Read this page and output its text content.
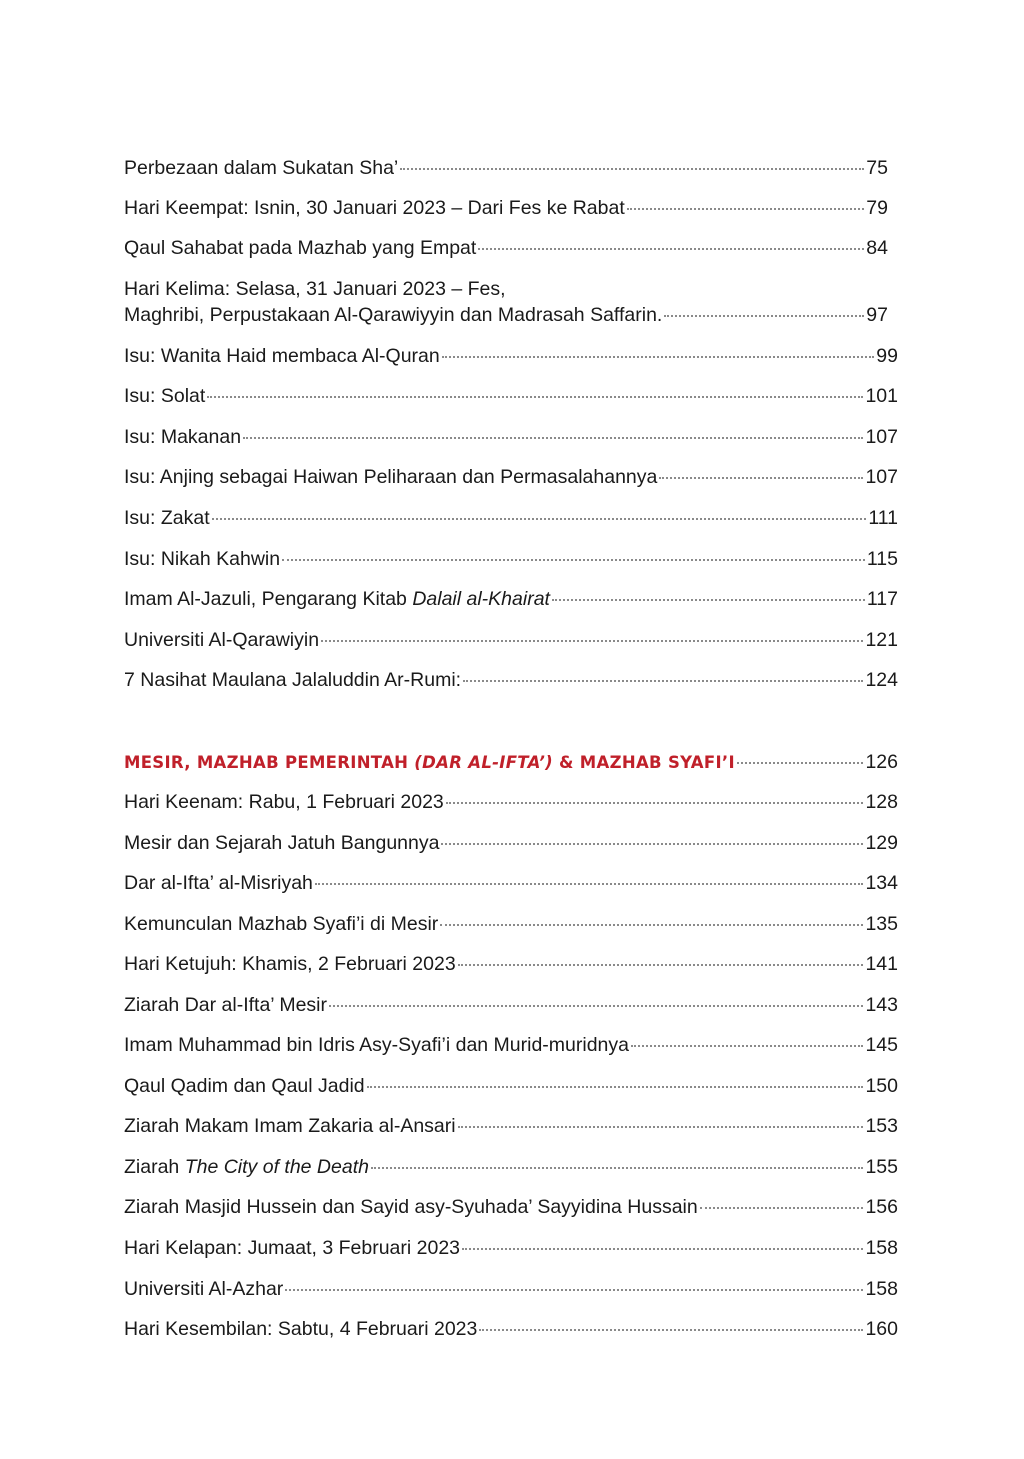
Perbezaan dalam Sukatan Sha’	75
Hari Keempat: Isnin, 30 Januari 2023 – Dari Fes ke Rabat	79
Qaul Sahabat pada Mazhab yang Empat	84
Hari Kelima: Selasa, 31 Januari 2023 – Fes,
Maghribi, Perpustakaan Al-Qarawiyyin dan Madrasah Saffarin.	97
Isu: Wanita Haid membaca Al-Quran	99
Isu: Solat	101
Isu: Makanan	107
Isu: Anjing sebagai Haiwan Peliharaan dan Permasalahannya	107
Isu: Zakat	111
Isu: Nikah Kahwin	115
Imam Al-Jazuli, Pengarang Kitab Dalail al-Khairat	117
Universiti Al-Qarawiyin	121
7 Nasihat Maulana Jalaluddin Ar-Rumi:	124
MESIR, MAZHAB PEMERINTAH (DAR AL-IFTA’) & MAZHAB SYAFI’I	126
Hari Keenam: Rabu, 1 Februari 2023	128
Mesir dan Sejarah Jatuh Bangunnya	129
Dar al-Ifta’ al-Misriyah	134
Kemunculan Mazhab Syafi’i di Mesir	135
Hari Ketujuh: Khamis, 2 Februari 2023	141
Ziarah Dar al-Ifta’ Mesir	143
Imam Muhammad bin Idris Asy-Syafi’i dan Murid-muridnya	145
Qaul Qadim dan Qaul Jadid	150
Ziarah Makam Imam Zakaria al-Ansari	153
Ziarah The City of the Death	155
Ziarah Masjid Hussein dan Sayid asy-Syuhada’ Sayyidina Hussain	156
Hari Kelapan: Jumaat, 3 Februari 2023	158
Universiti Al-Azhar	158
Hari Kesembilan: Sabtu, 4 Februari 2023	160
